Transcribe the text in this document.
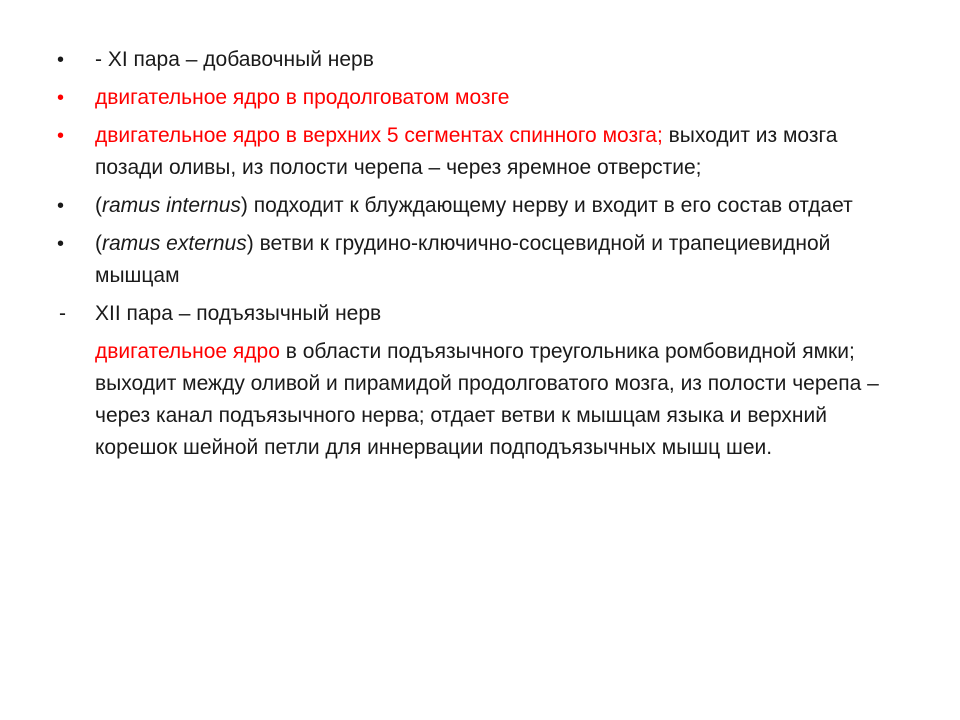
•	- XI пара – добавочный нерв
•	двигательное ядро в продолговатом мозге
•	двигательное ядро в верхних 5 сегментах спинного мозга; выходит из мозга позади оливы, из полости черепа – через яремное отверстие;
•	(ramus internus) подходит к блуждающему нерву и входит в его состав отдает
•	(ramus externus) ветви к грудино-ключично-сосцевидной и трапециевидной мышцам
-	XII пара – подъязычный нерв
двигательное ядро в области подъязычного треугольника ромбовидной ямки; выходит между оливой и пирамидой продолговатого мозга, из полости черепа – через канал подъязычного нерва; отдает ветви к мышцам языка и верхний корешок шейной петли для иннервации подподъязычных мышц шеи.
